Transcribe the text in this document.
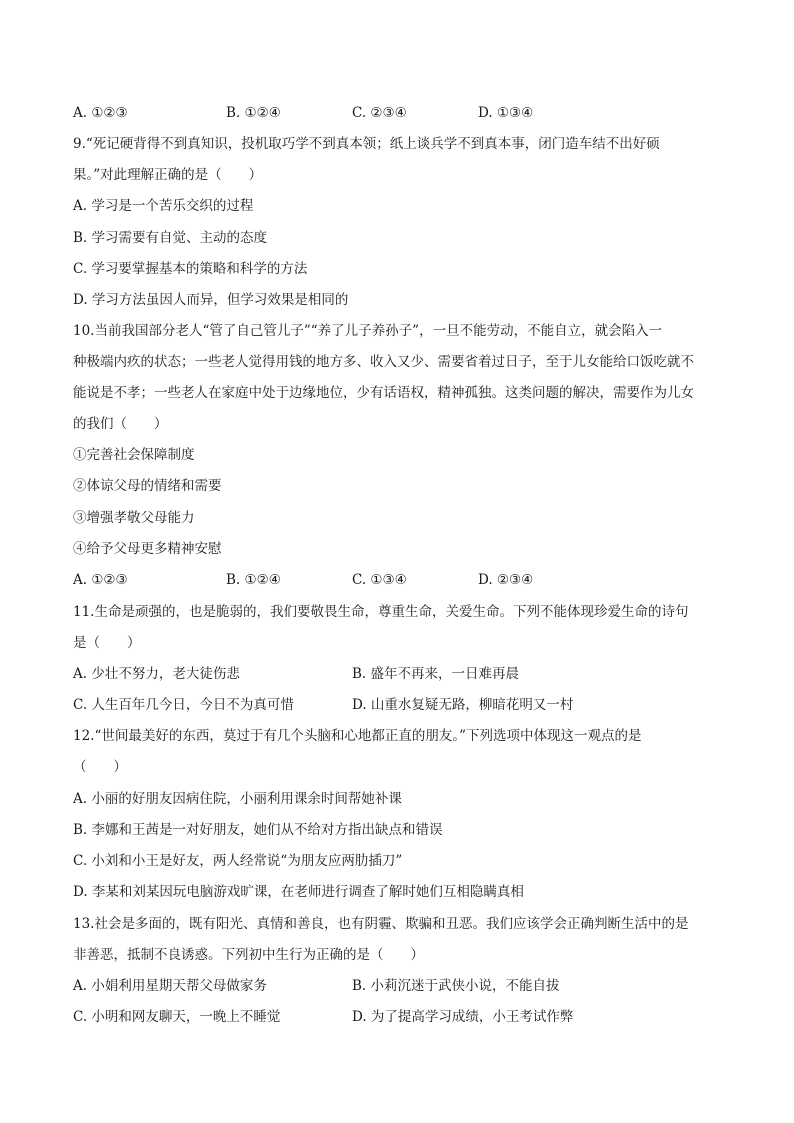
A. ①②③	B. ①②④	C. ②③④	D. ①③④
9.“死记硬背得不到真知识，投机取巧学不到真本领；纸上谈兵学不到真本事，闭门造车结不出好硕
果。”对此理解正确的是（　　）
A. 学习是一个苦乐交织的过程
B. 学习需要有自觉、主动的态度
C. 学习要掌握基本的策略和科学的方法
D. 学习方法虽因人而异，但学习效果是相同的
10.当前我国部分老人“管了自己管儿子”“养了儿子养孙子”，一旦不能劳动，不能自立，就会陷入一
种极端内疚的状态；一些老人觉得用钱的地方多、收入又少、需要省着过日子，至于儿女能给口饭吃就不
能说是不孝；一些老人在家庭中处于边缘地位，少有话语权，精神孤独。这类问题的解决，需要作为儿女
的我们（　　）
①完善社会保障制度
②体谅父母的情绪和需要
③增强孝敬父母能力
④给予父母更多精神安慰
A. ①②③	B. ①②④	C. ①③④	D. ②③④
11.生命是顽强的，也是脆弱的，我们要敬畏生命，尊重生命，关爱生命。下列不能体现珍爱生命的诗句
是（　　）
A. 少壮不努力，老大徒伤悲	B. 盛年不再来，一日难再晨
C. 人生百年几今日，今日不为真可惜	D. 山重水复疑无路，柳暗花明又一村
12.“世间最美好的东西，莫过于有几个头脑和心地都正直的朋友。”下列选项中体现这一观点的是
（　　）
A. 小丽的好朋友因病住院，小丽利用课余时间帮她补课
B. 李娜和王茜是一对好朋友，她们从不给对方指出缺点和错误
C. 小刘和小王是好友，两人经常说“为朋友应两肋插刀”
D. 李某和刘某因玩电脑游戏旷课，在老师进行调查了解时她们互相隐瞒真相
13.社会是多面的，既有阳光、真情和善良，也有阴霾、欺骗和丑恶。我们应该学会正确判断生活中的是
非善恶，抵制不良诱惑。下列初中生行为正确的是（　　）
A. 小娟利用星期天帮父母做家务	B. 小莉沉迷于武侠小说，不能自拔
C. 小明和网友聊天，一晚上不睡觉	D. 为了提高学习成绩，小王考试作弊
